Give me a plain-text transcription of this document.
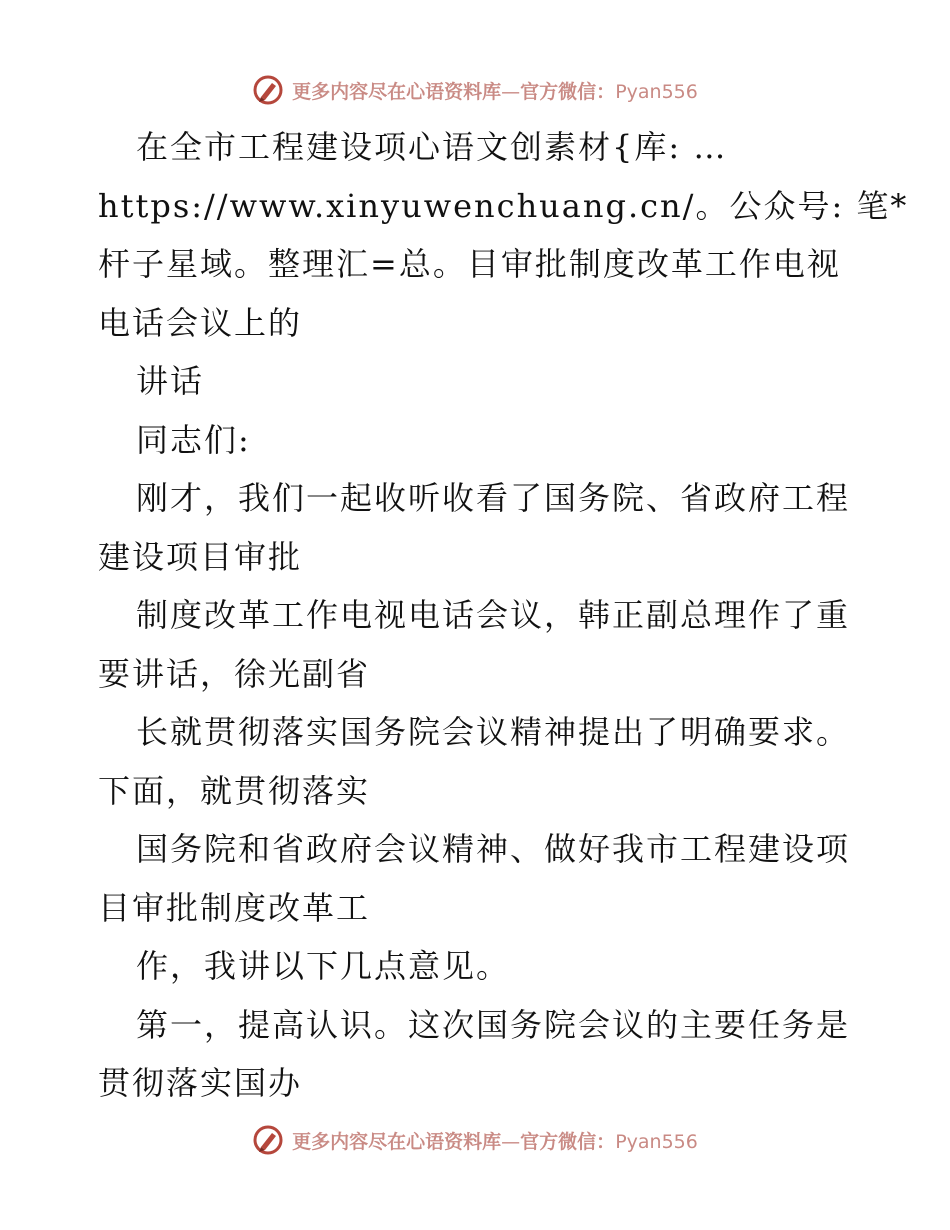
更多内容尽在心语资料库—官方微信：Pyan556
在全市工程建设项心语文创素材{库: …
https://www.xinyuwenchuang.cn/。公众号: 笔*
杆子星域。整理汇=总。目审批制度改革工作电视
电话会议上的
讲话
同志们:
刚才，我们一起收听收看了国务院、省政府工程
建设项目审批
制度改革工作电视电话会议，韩正副总理作了重
要讲话，徐光副省
长就贯彻落实国务院会议精神提出了明确要求。
下面，就贯彻落实
国务院和省政府会议精神、做好我市工程建设项
目审批制度改革工
作，我讲以下几点意见。
第一，提高认识。这次国务院会议的主要任务是
贯彻落实国办
更多内容尽在心语资料库—官方微信：Pyan556
